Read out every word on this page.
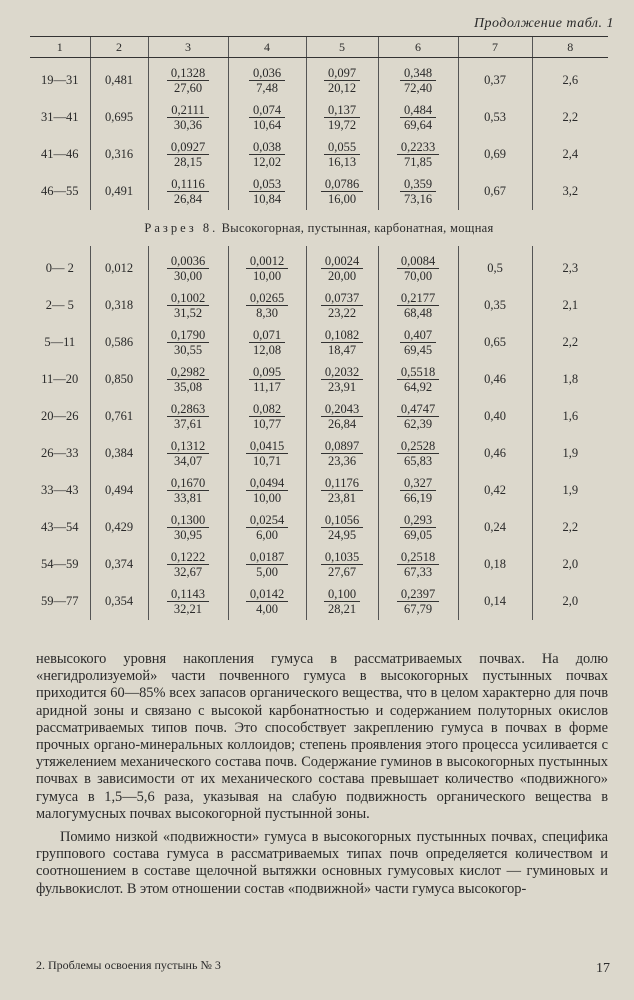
Продолжение табл. 1
1	2	3	4	5	6	7	8
19—31	0,481	$\frac{0,1328}{27,60}$	$\frac{0,036}{7,48}$	$\frac{0,097}{20,12}$	$\frac{0,348}{72,40}$	0,37	2,6
31—41	0,695	$\frac{0,2111}{30,36}$	$\frac{0,074}{10,64}$	$\frac{0,137}{19,72}$	$\frac{0,484}{69,64}$	0,53	2,2
41—46	0,316	$\frac{0,0927}{28,15}$	$\frac{0,038}{12,02}$	$\frac{0,055}{16,13}$	$\frac{0,2233}{71,85}$	0,69	2,4
46—55	0,491	$\frac{0,1116}{26,84}$	$\frac{0,053}{10,84}$	$\frac{0,0786}{16,00}$	$\frac{0,359}{73,16}$	0,67	3,2
Разрез 8. Высокогорная, пустынная, карбонатная, мощная							
0— 2	0,012	$\frac{0,0036}{30,00}$	$\frac{0,0012}{10,00}$	$\frac{0,0024}{20,00}$	$\frac{0,0084}{70,00}$	0,5	2,3
2— 5	0,318	$\frac{0,1002}{31,52}$	$\frac{0,0265}{8,30}$	$\frac{0,0737}{23,22}$	$\frac{0,2177}{68,48}$	0,35	2,1
5—11	0,586	$\frac{0,1790}{30,55}$	$\frac{0,071}{12,08}$	$\frac{0,1082}{18,47}$	$\frac{0,407}{69,45}$	0,65	2,2
11—20	0,850	$\frac{0,2982}{35,08}$	$\frac{0,095}{11,17}$	$\frac{0,2032}{23,91}$	$\frac{0,5518}{64,92}$	0,46	1,8
20—26	0,761	$\frac{0,2863}{37,61}$	$\frac{0,082}{10,77}$	$\frac{0,2043}{26,84}$	$\frac{0,4747}{62,39}$	0,40	1,6
26—33	0,384	$\frac{0,1312}{34,07}$	$\frac{0,0415}{10,71}$	$\frac{0,0897}{23,36}$	$\frac{0,2528}{65,83}$	0,46	1,9
33—43	0,494	$\frac{0,1670}{33,81}$	$\frac{0,0494}{10,00}$	$\frac{0,1176}{23,81}$	$\frac{0,327}{66,19}$	0,42	1,9
43—54	0,429	$\frac{0,1300}{30,95}$	$\frac{0,0254}{6,00}$	$\frac{0,1056}{24,95}$	$\frac{0,293}{69,05}$	0,24	2,2
54—59	0,374	$\frac{0,1222}{32,67}$	$\frac{0,0187}{5,00}$	$\frac{0,1035}{27,67}$	$\frac{0,2518}{67,33}$	0,18	2,0
59—77	0,354	$\frac{0,1143}{32,21}$	$\frac{0,0142}{4,00}$	$\frac{0,100}{28,21}$	$\frac{0,2397}{67,79}$	0,14	2,0

невысокого уровня накопления гумуса в рассматриваемых почвах. На долю «негидролизуемой» части почвенного гумуса в высокогорных пустынных почвах приходится 60—85% всех запасов органического вещества, что в целом характерно для почв аридной зоны и связано с высокой карбонатностью и содержанием полуторных окислов рассматриваемых типов почв. Это способствует закреплению гумуса в почвах в форме прочных органо-минеральных коллоидов; степень проявления этого процесса усиливается с утяжелением механического состава почв. Содержание гуминов в высокогорных пустынных почвах в зависимости от их механического состава превышает количество «подвижного» гумуса в 1,5—5,6 раза, указывая на слабую подвижность органического вещества в малогумусных почвах высокогорной пустынной зоны.

Помимо низкой «подвижности» гумуса в высокогорных пустынных почвах, специфика группового состава гумуса в рассматриваемых типах почв определяется количеством и соотношением в составе щелочной вытяжки основных гумусовых кислот — гуминовых и фульвокислот. В этом отношении состав «подвижной» части гумуса высокогор-

2. Проблемы освоения пустынь № 3	17
